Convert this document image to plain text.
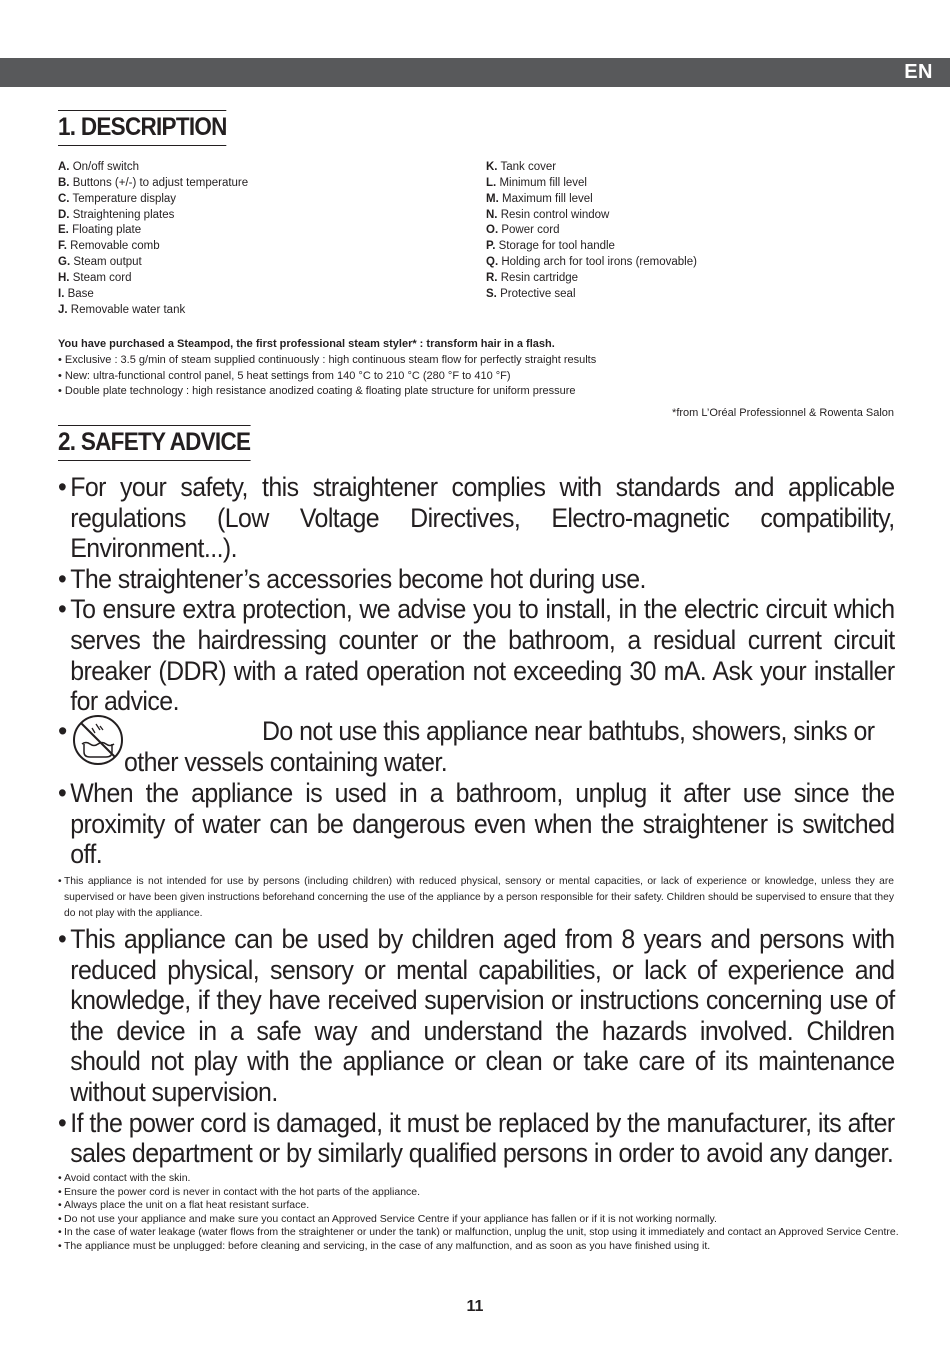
EN
1. DESCRIPTION
A. On/off switch
B. Buttons (+/-) to adjust temperature
C. Temperature display
D. Straightening plates
E. Floating plate
F. Removable comb
G. Steam output
H. Steam cord
I. Base
J. Removable water tank
K. Tank cover
L. Minimum fill level
M. Maximum fill level
N. Resin control window
O. Power cord
P. Storage for tool handle
Q. Holding arch for tool irons (removable)
R. Resin cartridge
S. Protective seal
You have purchased a Steampod, the first professional steam styler* : transform hair in a flash.
• Exclusive : 3.5 g/min of steam supplied continuously : high continuous steam flow for perfectly straight results
• New: ultra-functional control panel, 5 heat settings from 140 °C to 210 °C (280 °F to 410 °F)
• Double plate technology : high resistance anodized coating & floating plate structure for uniform pressure
*from L’Oréal Professionnel & Rowenta Salon
2. SAFETY ADVICE

• For your safety, this straightener complies with standards and applicable regulations (Low Voltage Directives, Electro-magnetic compatibility, Environment...).

• The straightener’s accessories become hot during use.

• To ensure extra protection, we advise you to install, in the electric circuit which serves the hairdressing counter or the bathroom, a residual current circuit breaker (DDR) with a rated operation not exceeding 30 mA. Ask your installer for advice.

•	Do not use this appliance near bathtubs, showers, sinks or
other vessels containing water.

• When the appliance is used in a bathroom, unplug it after use since the proximity of water can be dangerous even when the straightener is switched off.

• This appliance is not intended for use by persons (including children) with reduced physical, sensory or mental capacities, or lack of experience or knowledge, unless they are supervised or have been given instructions beforehand concerning the use of the appliance by a person responsible for their safety. Children should be supervised to ensure that they do not play with the appliance.

• This appliance can be used by children aged from 8 years and persons with reduced physical, sensory or mental capabilities, or lack of experience and knowledge, if they have received supervision or instructions concerning use of the device in a safe way and understand the hazards involved. Children should not play with the appliance or clean or take care of its maintenance without supervision.

• If the power cord is damaged, it must be replaced by the manufacturer, its after sales department or by similarly qualified persons in order to avoid any danger.

• Avoid contact with the skin.

• Ensure the power cord is never in contact with the hot parts of the appliance.

• Always place the unit on a flat heat resistant surface.

• Do not use your appliance and make sure you contact an Approved Service Centre if your appliance has fallen or if it is not working normally.

• In the case of water leakage (water flows from the straightener or under the tank) or malfunction, unplug the unit, stop using it immediately and contact an Approved Service Centre.

• The appliance must be unplugged: before cleaning and servicing, in the case of any malfunction, and as soon as you have finished using it.

11
